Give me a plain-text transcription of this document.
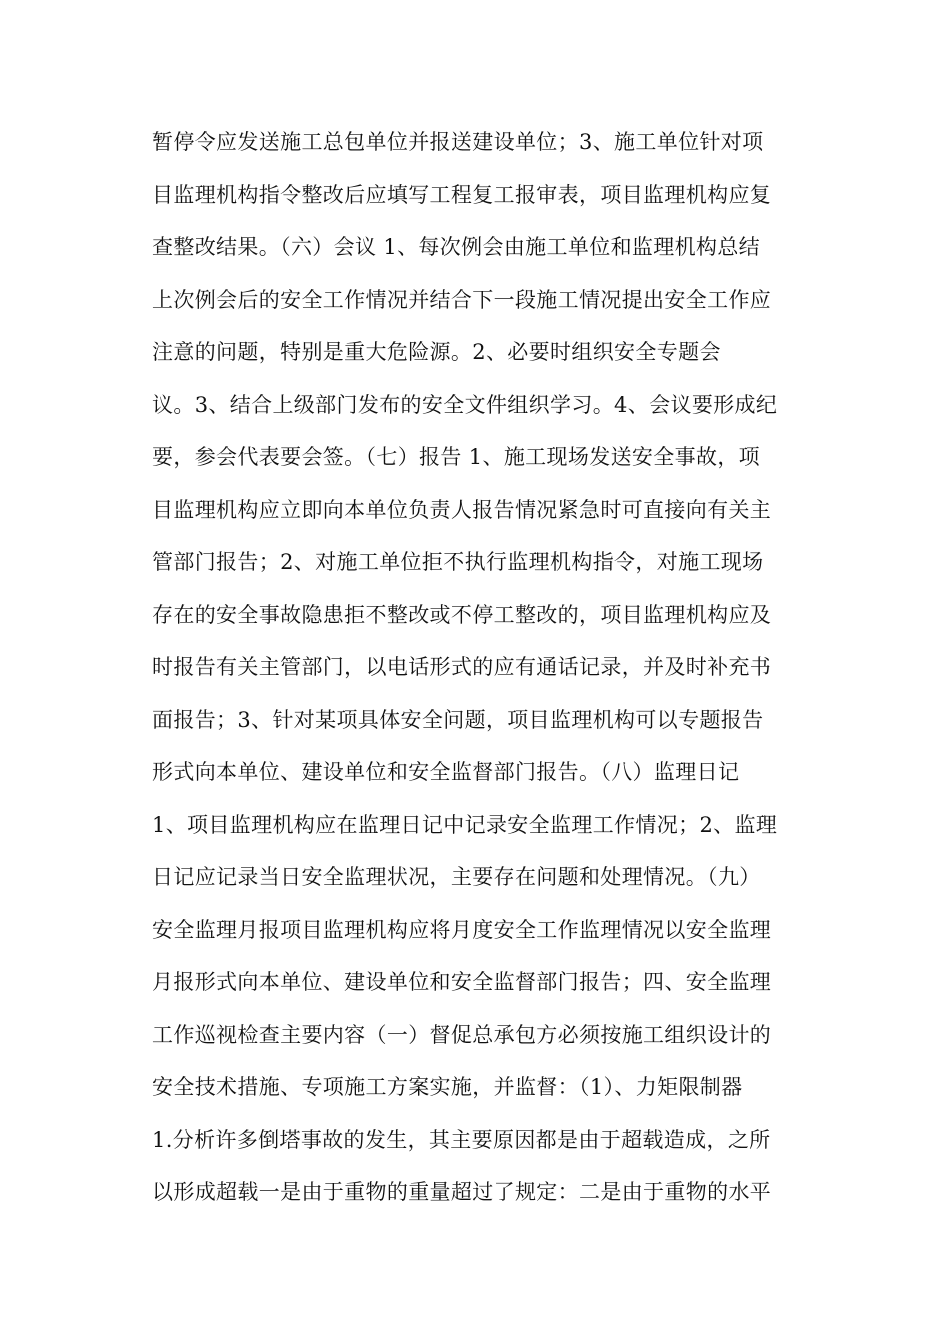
暂停令应发送施工总包单位并报送建设单位；3、施工单位针对项
目监理机构指令整改后应填写工程复工报审表，项目监理机构应复
查整改结果。（六）会议 1、每次例会由施工单位和监理机构总结
上次例会后的安全工作情况并结合下一段施工情况提出安全工作应
注意的问题，特别是重大危险源。2、必要时组织安全专题会
议。3、结合上级部门发布的安全文件组织学习。4、会议要形成纪
要，参会代表要会签。（七）报告 1、施工现场发送安全事故，项
目监理机构应立即向本单位负责人报告情况紧急时可直接向有关主
管部门报告；2、对施工单位拒不执行监理机构指令，对施工现场
存在的安全事故隐患拒不整改或不停工整改的，项目监理机构应及
时报告有关主管部门，以电话形式的应有通话记录，并及时补充书
面报告；3、针对某项具体安全问题，项目监理机构可以专题报告
形式向本单位、建设单位和安全监督部门报告。（八）监理日记
1、项目监理机构应在监理日记中记录安全监理工作情况；2、监理
日记应记录当日安全监理状况，主要存在问题和处理情况。（九）
安全监理月报项目监理机构应将月度安全工作监理情况以安全监理
月报形式向本单位、建设单位和安全监督部门报告；四、安全监理
工作巡视检查主要内容（一）督促总承包方必须按施工组织设计的
安全技术措施、专项施工方案实施，并监督：（1）、力矩限制器
1.分析许多倒塔事故的发生，其主要原因都是由于超载造成，之所
以形成超载一是由于重物的重量超过了规定：二是由于重物的水平
